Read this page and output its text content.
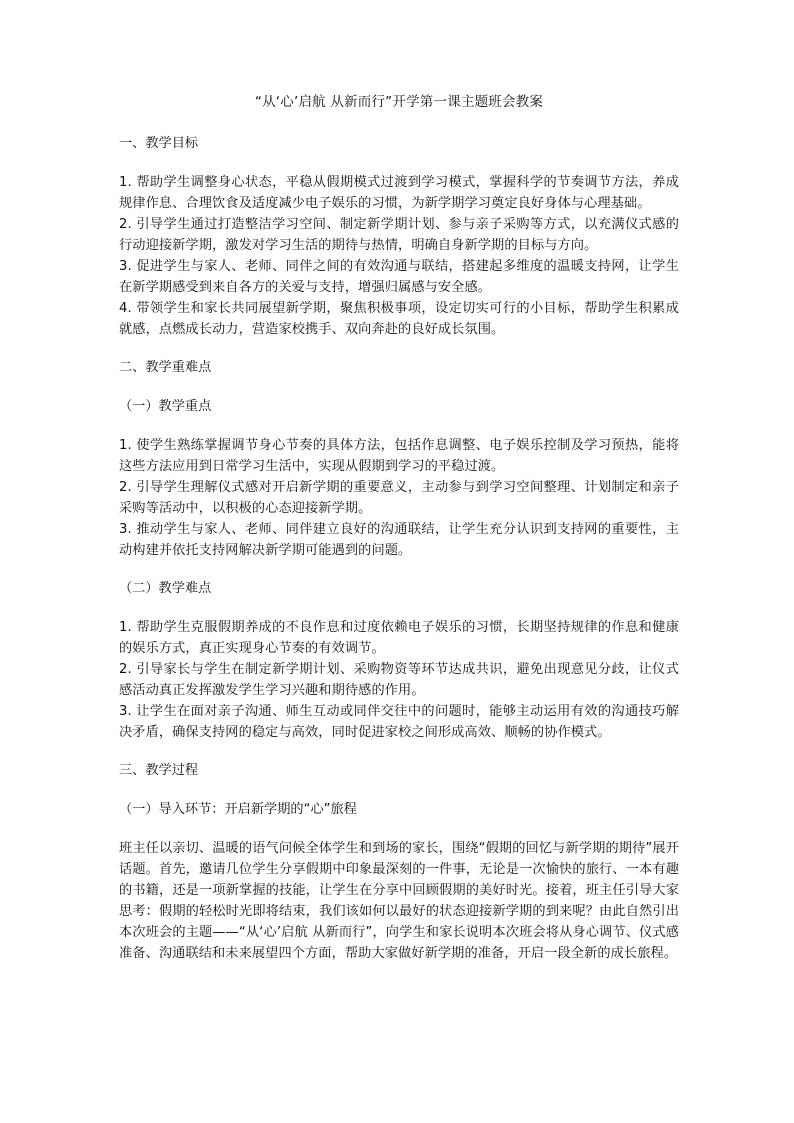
“从‘心’启航 从新而行”开学第一课主题班会教案
一、教学目标

1. 帮助学生调整身心状态，平稳从假期模式过渡到学习模式，掌握科学的节奏调节方法，养成规律作息、合理饮食及适度减少电子娱乐的习惯，为新学期学习奠定良好身体与心理基础。

2. 引导学生通过打造整洁学习空间、制定新学期计划、参与亲子采购等方式，以充满仪式感的行动迎接新学期，激发对学习生活的期待与热情，明确自身新学期的目标与方向。

3. 促进学生与家人、老师、同伴之间的有效沟通与联结，搭建起多维度的温暖支持网，让学生在新学期感受到来自各方的关爱与支持，增强归属感与安全感。

4. 带领学生和家长共同展望新学期，聚焦积极事项，设定切实可行的小目标，帮助学生积累成就感，点燃成长动力，营造家校携手、双向奔赴的良好成长氛围。

二、教学重难点
（一）教学重点

1. 使学生熟练掌握调节身心节奏的具体方法，包括作息调整、电子娱乐控制及学习预热，能将这些方法应用到日常学习生活中，实现从假期到学习的平稳过渡。

2. 引导学生理解仪式感对开启新学期的重要意义，主动参与到学习空间整理、计划制定和亲子采购等活动中，以积极的心态迎接新学期。

3. 推动学生与家人、老师、同伴建立良好的沟通联结，让学生充分认识到支持网的重要性，主动构建并依托支持网解决新学期可能遇到的问题。

（二）教学难点

1. 帮助学生克服假期养成的不良作息和过度依赖电子娱乐的习惯，长期坚持规律的作息和健康的娱乐方式，真正实现身心节奏的有效调节。

2. 引导家长与学生在制定新学期计划、采购物资等环节达成共识，避免出现意见分歧，让仪式感活动真正发挥激发学生学习兴趣和期待感的作用。

3. 让学生在面对亲子沟通、师生互动或同伴交往中的问题时，能够主动运用有效的沟通技巧解决矛盾，确保支持网的稳定与高效，同时促进家校之间形成高效、顺畅的协作模式。

三、教学过程
（一）导入环节：开启新学期的“心”旅程

班主任以亲切、温暖的语气问候全体学生和到场的家长，围绕“假期的回忆与新学期的期待”展开话题。首先，邀请几位学生分享假期中印象最深刻的一件事，无论是一次愉快的旅行、一本有趣的书籍，还是一项新掌握的技能，让学生在分享中回顾假期的美好时光。接着，班主任引导大家思考：假期的轻松时光即将结束，我们该如何以最好的状态迎接新学期的到来呢？由此自然引出本次班会的主题——“从‘心’启航 从新而行”，向学生和家长说明本次班会将从身心调节、仪式感准备、沟通联结和未来展望四个方面，帮助大家做好新学期的准备，开启一段全新的成长旅程。
